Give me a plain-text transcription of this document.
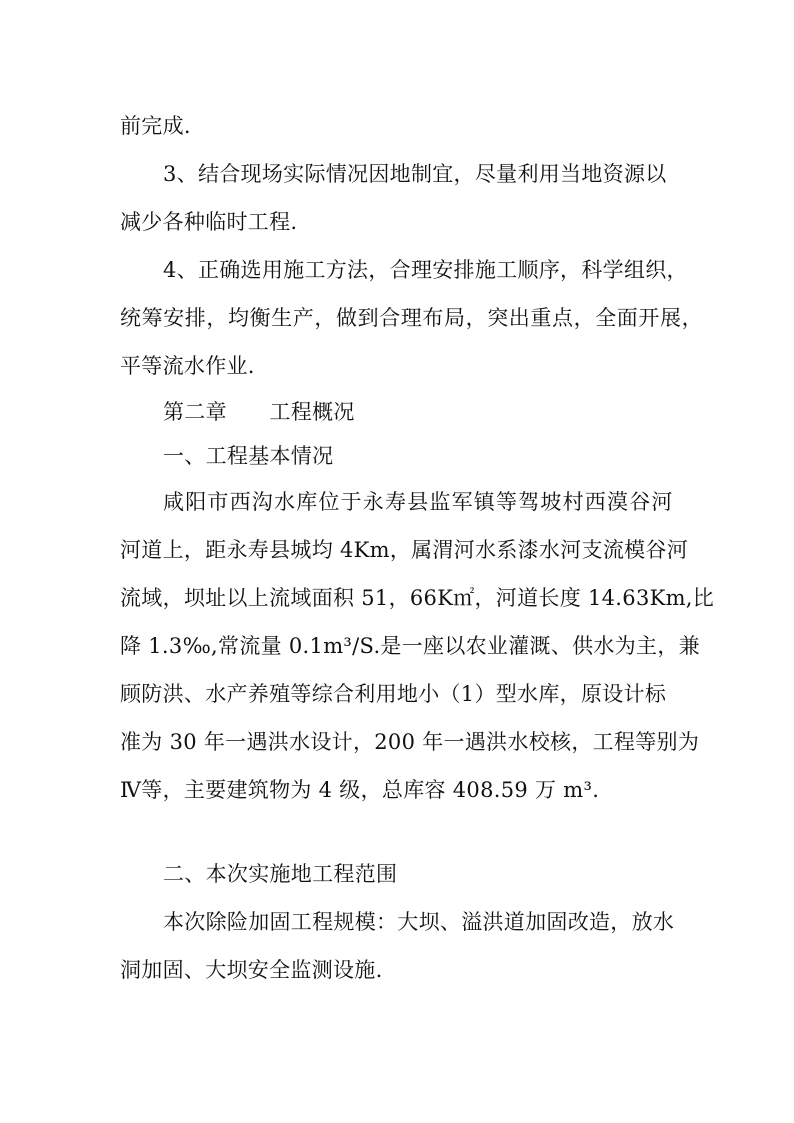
前完成.
3、结合现场实际情况因地制宜，尽量利用当地资源以
减少各种临时工程.
4、正确选用施工方法，合理安排施工顺序，科学组织，
统筹安排，均衡生产，做到合理布局，突出重点，全面开展，
平等流水作业.
第二章　　工程概况
一、工程基本情况
咸阳市西沟水库位于永寿县监军镇等驾坡村西漠谷河
河道上，距永寿县城均 4Km，属渭河水系漆水河支流模谷河
流域，坝址以上流域面积 51，66K㎡，河道长度 14.63Km,比
降 1.3‰,常流量 0.1m³/S.是一座以农业灌溉、供水为主，兼
顾防洪、水产养殖等综合利用地小（1）型水库，原设计标
准为 30 年一遇洪水设计，200 年一遇洪水校核，工程等别为
Ⅳ等，主要建筑物为 4 级，总库容 408.59 万 m³.
二、本次实施地工程范围
本次除险加固工程规模：大坝、溢洪道加固改造，放水
洞加固、大坝安全监测设施.
